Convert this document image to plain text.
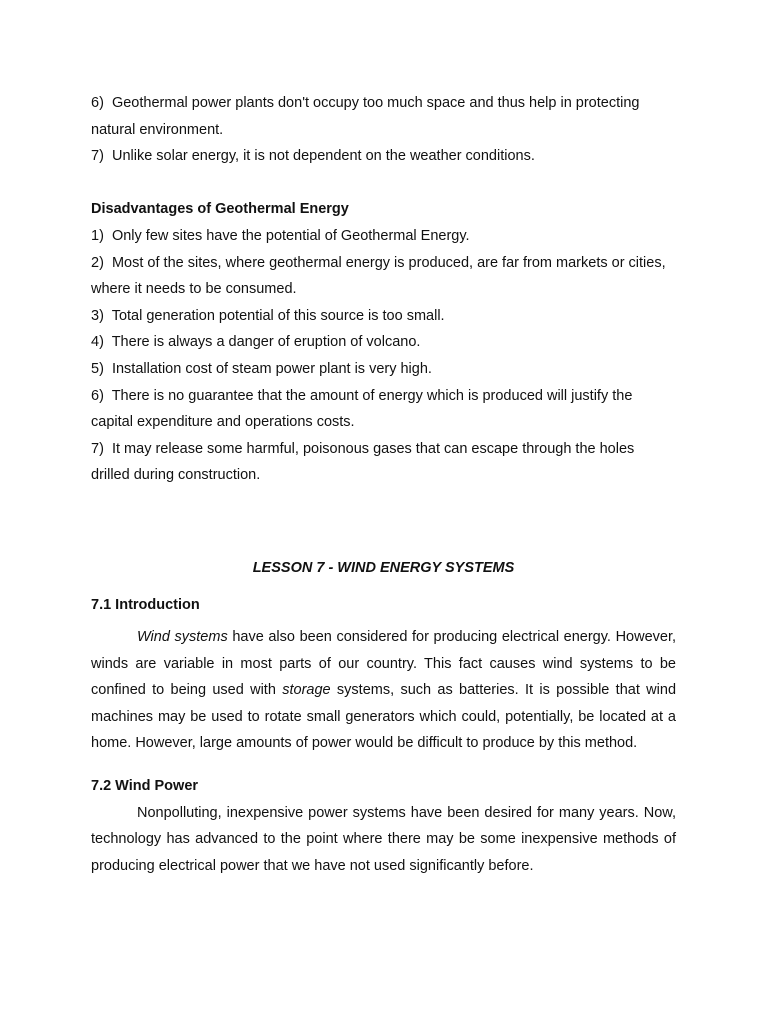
6) Geothermal power plants don't occupy too much space and thus help in protecting natural environment.

7) Unlike solar energy, it is not dependent on the weather conditions.

Disadvantages of Geothermal Energy

1) Only few sites have the potential of Geothermal Energy.

2) Most of the sites, where geothermal energy is produced, are far from markets or cities, where it needs to be consumed.

3) Total generation potential of this source is too small.

4) There is always a danger of eruption of volcano.

5) Installation cost of steam power plant is very high.

6) There is no guarantee that the amount of energy which is produced will justify the capital expenditure and operations costs.

7) It may release some harmful, poisonous gases that can escape through the holes drilled during construction.

LESSON 7 - WIND ENERGY SYSTEMS

7.1 Introduction

Wind systems have also been considered for producing electrical energy. However, winds are variable in most parts of our country. This fact causes wind systems to be confined to being used with storage systems, such as batteries. It is possible that wind machines may be used to rotate small generators which could, potentially, be located at a home. However, large amounts of power would be difficult to produce by this method.

7.2 Wind Power

Nonpolluting, inexpensive power systems have been desired for many years. Now, technology has advanced to the point where there may be some inexpensive methods of producing electrical power that we have not used significantly before.
